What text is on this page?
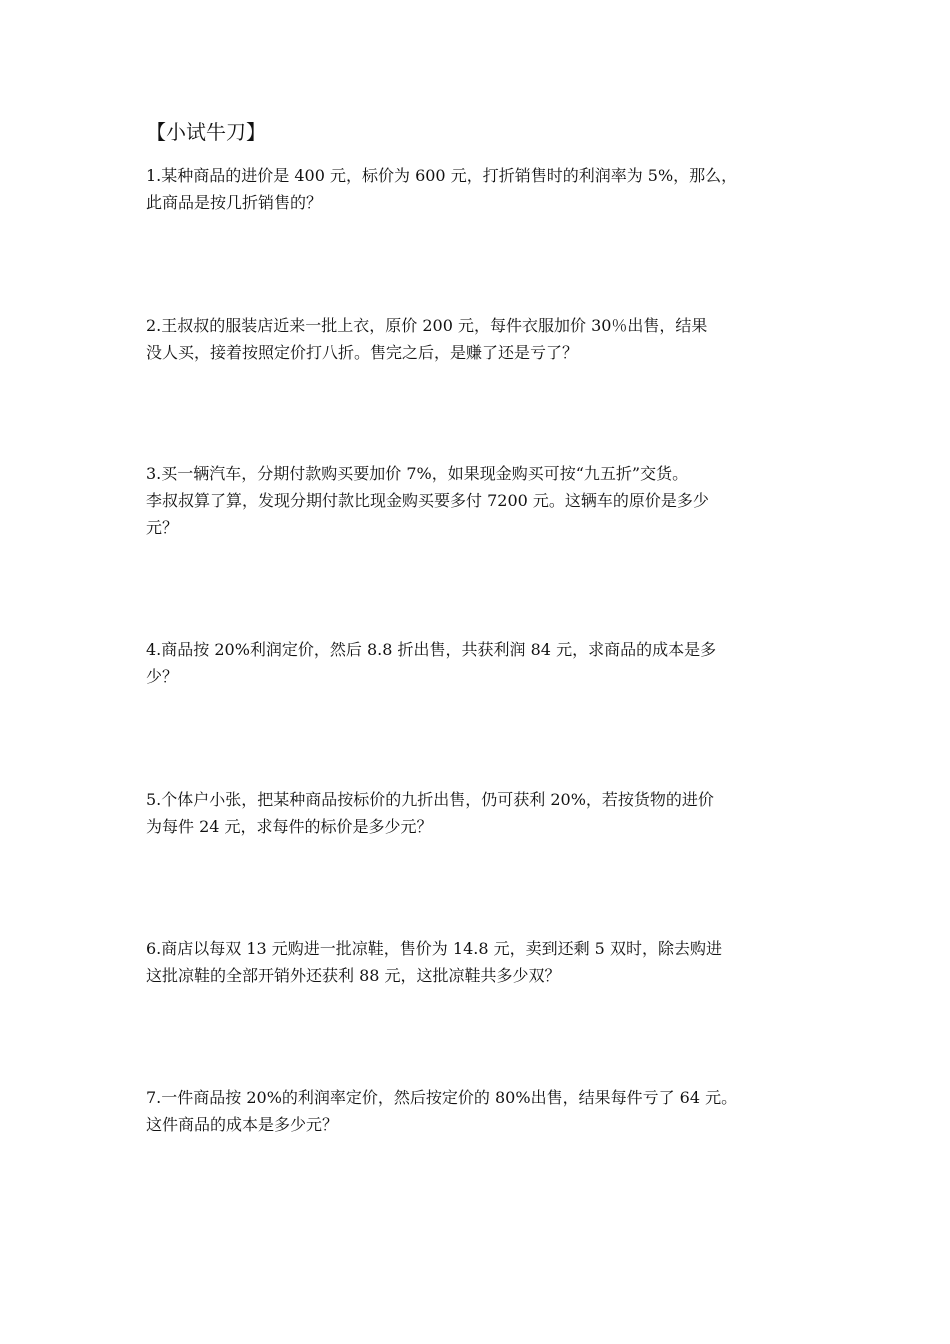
【小试牛刀】
1.某种商品的进价是 400 元，标价为 600 元，打折销售时的利润率为 5%，那么，
此商品是按几折销售的？
2.王叔叔的服装店近来一批上衣，原价 200 元，每件衣服加价 30％出售，结果
没人买，接着按照定价打八折。售完之后，是赚了还是亏了？
3.买一辆汽车，分期付款购买要加价 7%，如果现金购买可按“九五折”交货。
李叔叔算了算，发现分期付款比现金购买要多付 7200 元。这辆车的原价是多少
元？
4.商品按 20%利润定价，然后 8.8 折出售，共获利润 84 元，求商品的成本是多
少？
5.个体户小张，把某种商品按标价的九折出售，仍可获利 20%，若按货物的进价
为每件 24 元，求每件的标价是多少元？
6.商店以每双 13 元购进一批凉鞋，售价为 14.8 元，卖到还剩 5 双时，除去购进
这批凉鞋的全部开销外还获利 88 元，这批凉鞋共多少双？
7.一件商品按 20%的利润率定价，然后按定价的 80%出售，结果每件亏了 64 元。
这件商品的成本是多少元？
